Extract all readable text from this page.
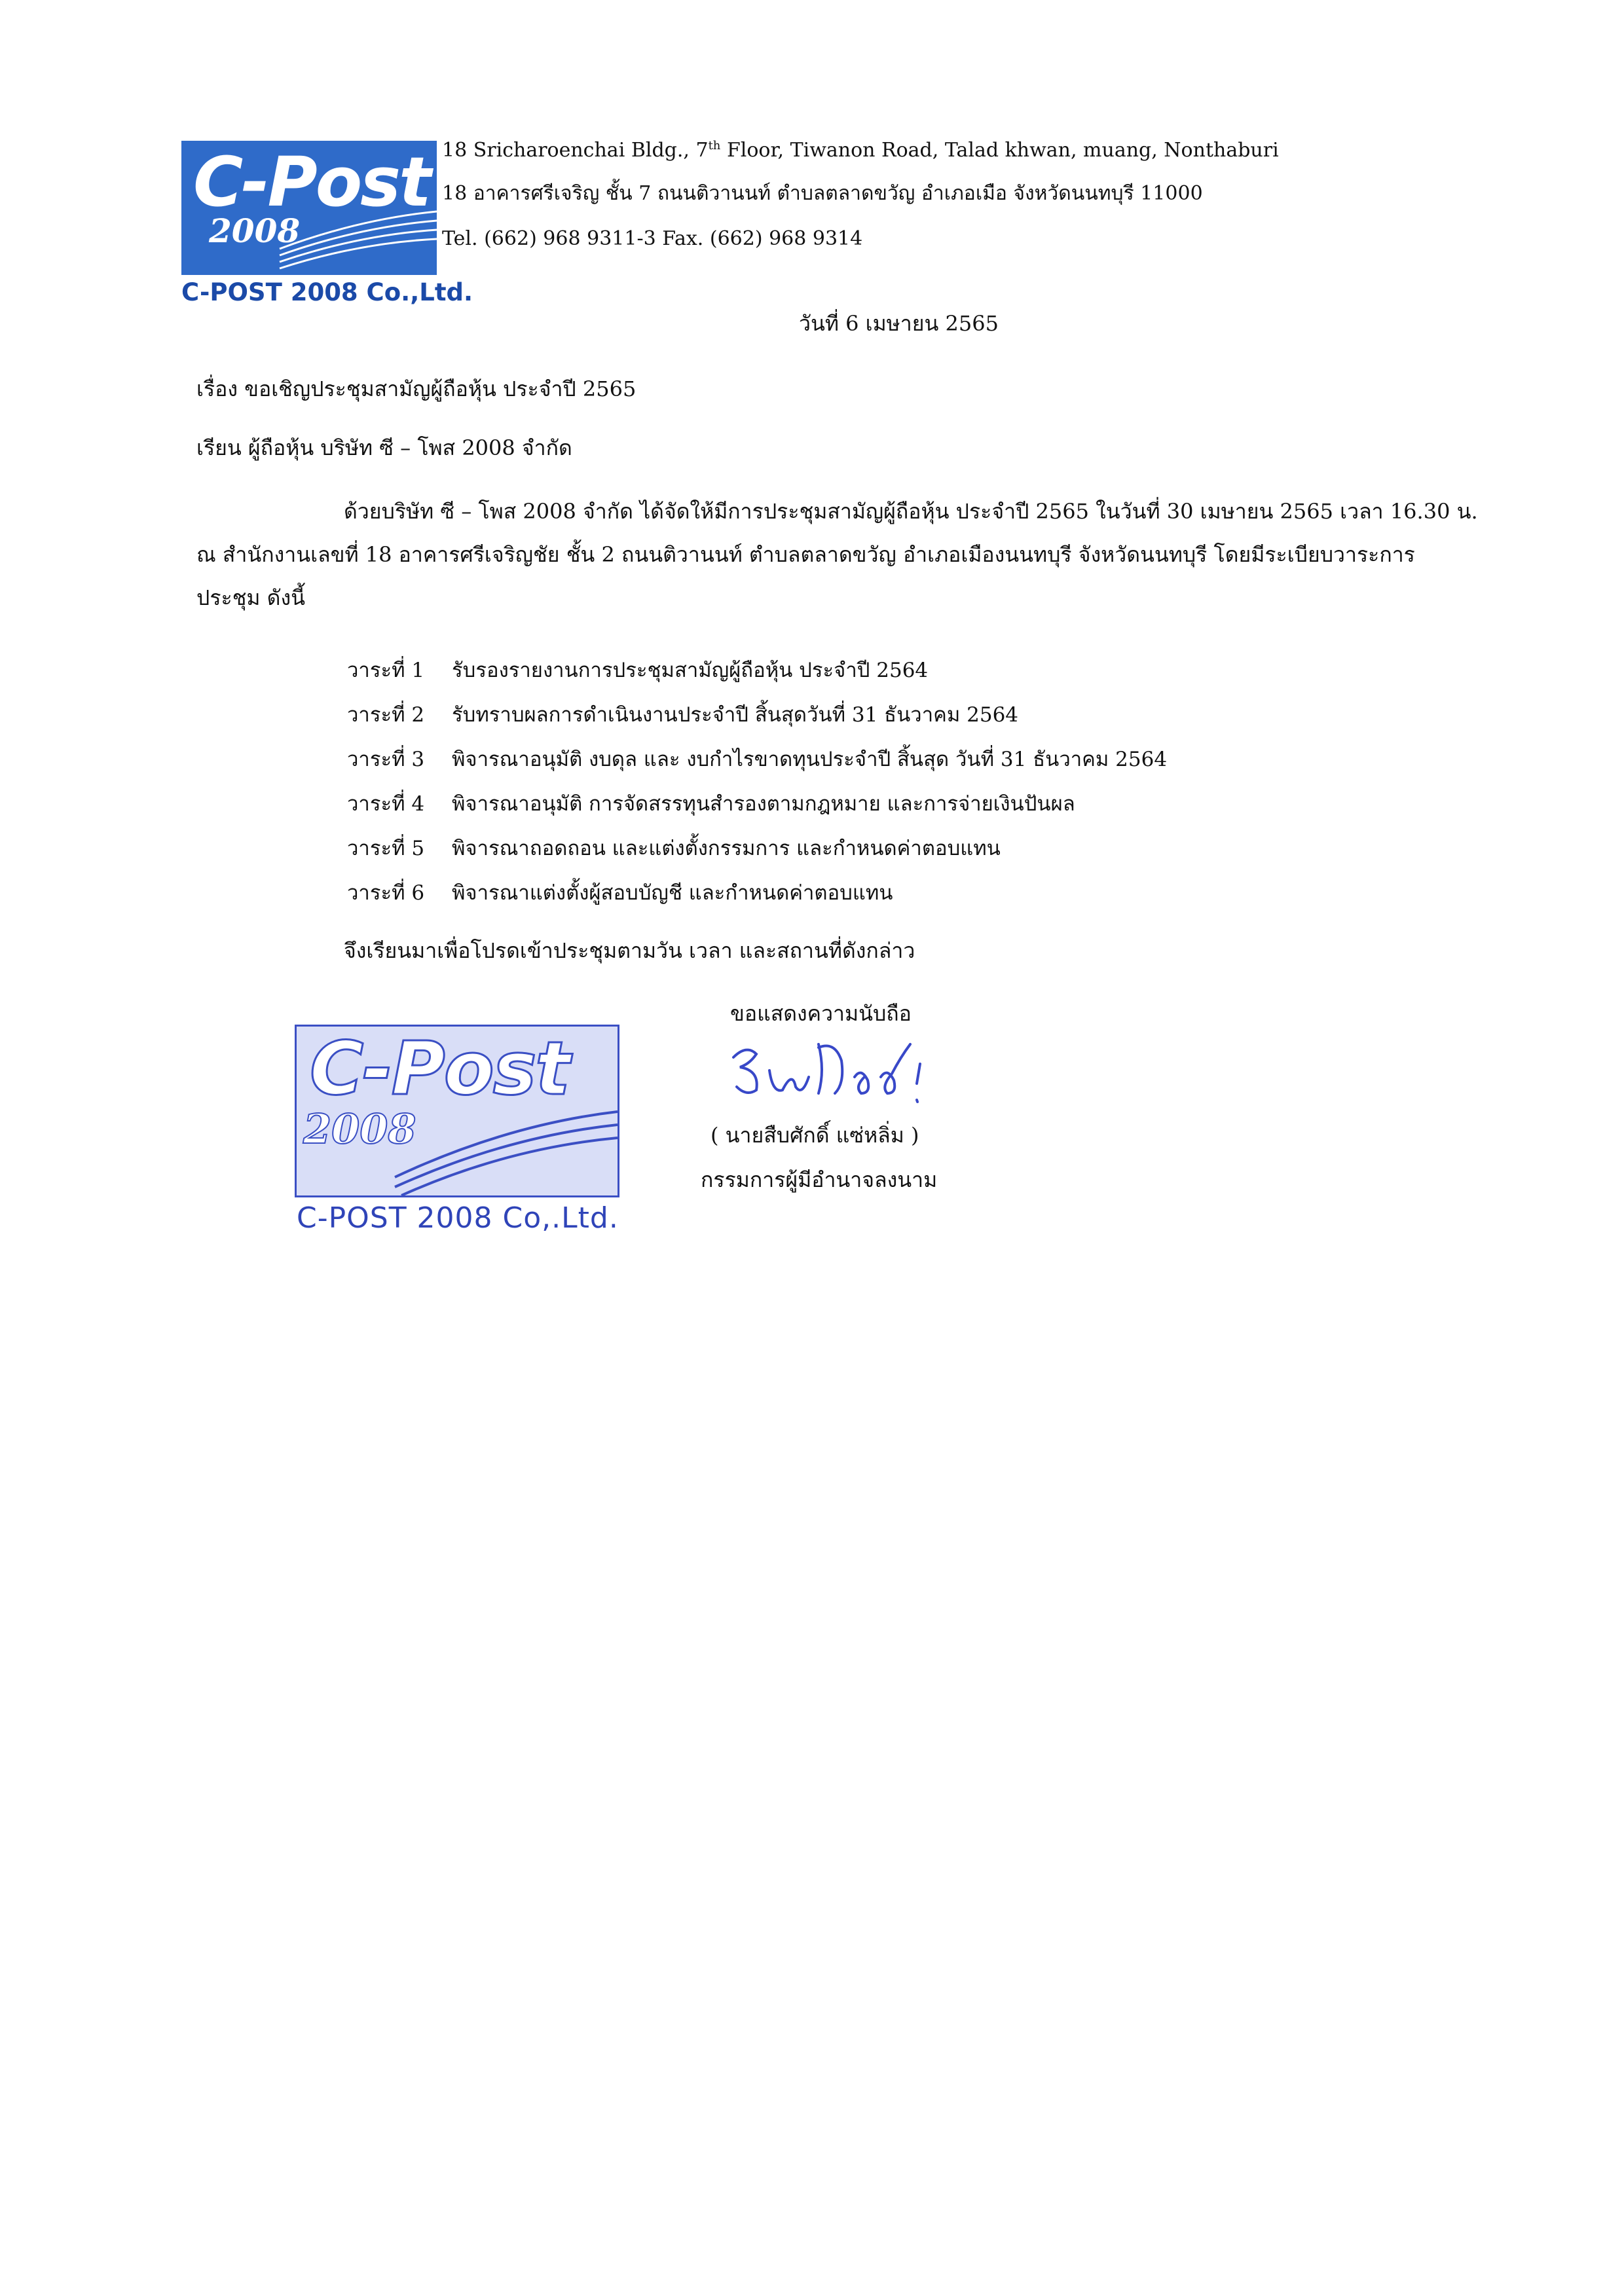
C-Post
2008
C-POST 2008 Co.,Ltd.
18 Sricharoenchai Bldg., 7th Floor, Tiwanon Road, Talad khwan, muang, Nonthaburi
18 อาคารศรีเจริญ ชั้น 7 ถนนติวานนท์ ตำบลตลาดขวัญ อำเภอเมือ จังหวัดนนทบุรี 11000
Tel. (662) 968 9311-3 Fax. (662) 968 9314
วันที่ 6 เมษายน 2565
เรื่อง ขอเชิญประชุมสามัญผู้ถือหุ้น ประจำปี 2565
เรียน ผู้ถือหุ้น บริษัท ซี – โพส 2008 จำกัด
ด้วยบริษัท ซี – โพส 2008 จำกัด ได้จัดให้มีการประชุมสามัญผู้ถือหุ้น ประจำปี 2565 ในวันที่ 30 เมษายน 2565 เวลา 16.30 น.
ณ สำนักงานเลขที่ 18 อาคารศรีเจริญชัย ชั้น 2 ถนนติวานนท์ ตำบลตลาดขวัญ อำเภอเมืองนนทบุรี จังหวัดนนทบุรี โดยมีระเบียบวาระการ
ประชุม ดังนี้
วาระที่ 1 รับรองรายงานการประชุมสามัญผู้ถือหุ้น ประจำปี 2564
วาระที่ 2 รับทราบผลการดำเนินงานประจำปี สิ้นสุดวันที่ 31 ธันวาคม 2564
วาระที่ 3 พิจารณาอนุมัติ งบดุล และ งบกำไรขาดทุนประจำปี สิ้นสุด วันที่ 31 ธันวาคม 2564
วาระที่ 4 พิจารณาอนุมัติ การจัดสรรทุนสำรองตามกฎหมาย และการจ่ายเงินปันผล
วาระที่ 5 พิจารณาถอดถอน และแต่งตั้งกรรมการ และกำหนดค่าตอบแทน
วาระที่ 6 พิจารณาแต่งตั้งผู้สอบบัญชี และกำหนดค่าตอบแทน
จึงเรียนมาเพื่อโปรดเข้าประชุมตามวัน เวลา และสถานที่ดังกล่าว
ขอแสดงความนับถือ
( นายสืบศักดิ์ แซ่หลิ่ม )
กรรมการผู้มีอำนาจลงนาม
C-Post
2008
C-POST 2008 Co,.Ltd.
